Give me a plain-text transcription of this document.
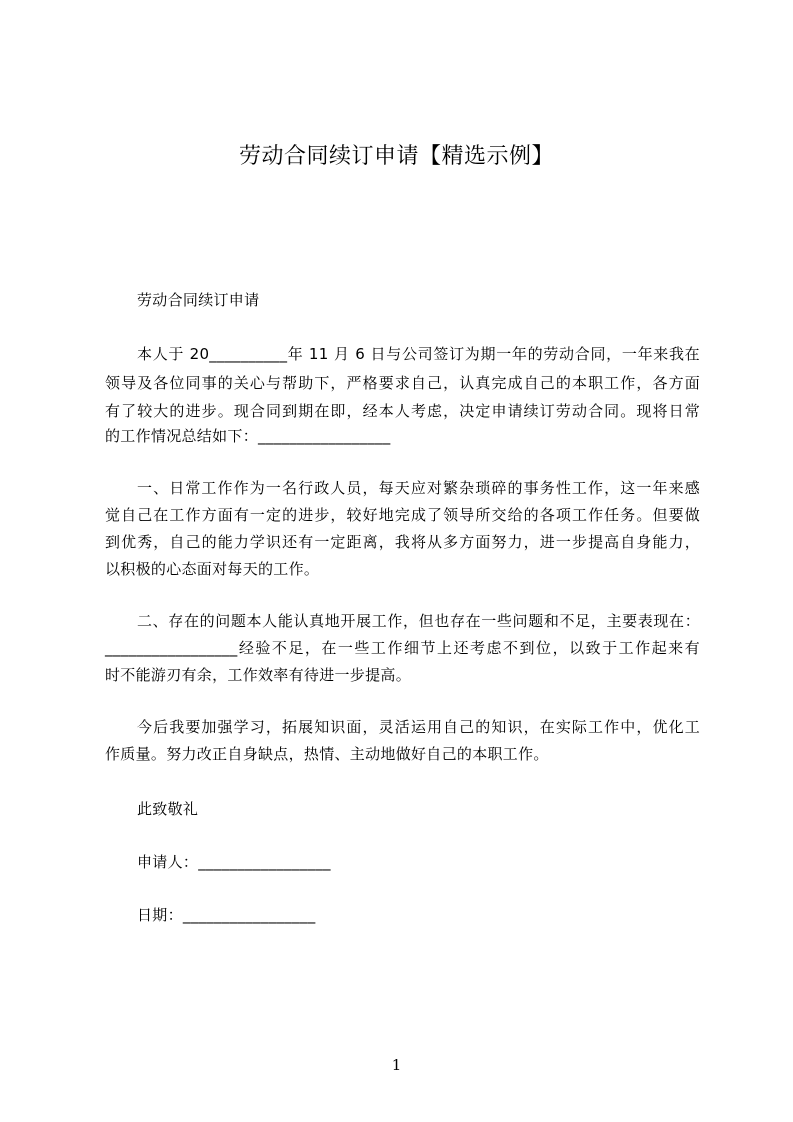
劳动合同续订申请【精选示例】
劳动合同续订申请
本人于 20__________年 11 月 6 日与公司签订为期一年的劳动合同，一年来我在
领导及各位同事的关心与帮助下，严格要求自己，认真完成自己的本职工作，各方面
有了较大的进步。现合同到期在即，经本人考虑，决定申请续订劳动合同。现将日常
的工作情况总结如下：_________________
一、日常工作作为一名行政人员，每天应对繁杂琐碎的事务性工作，这一年来感
觉自己在工作方面有一定的进步，较好地完成了领导所交给的各项工作任务。但要做
到优秀，自己的能力学识还有一定距离，我将从多方面努力，进一步提高自身能力，
以积极的心态面对每天的工作。
二、存在的问题本人能认真地开展工作，但也存在一些问题和不足，主要表现在：
_________________经验不足，在一些工作细节上还考虑不到位，以致于工作起来有
时不能游刃有余，工作效率有待进一步提高。
今后我要加强学习，拓展知识面，灵活运用自己的知识，在实际工作中，优化工
作质量。努力改正自身缺点，热情、主动地做好自己的本职工作。
此致敬礼
申请人：_________________
日期：_________________
1
